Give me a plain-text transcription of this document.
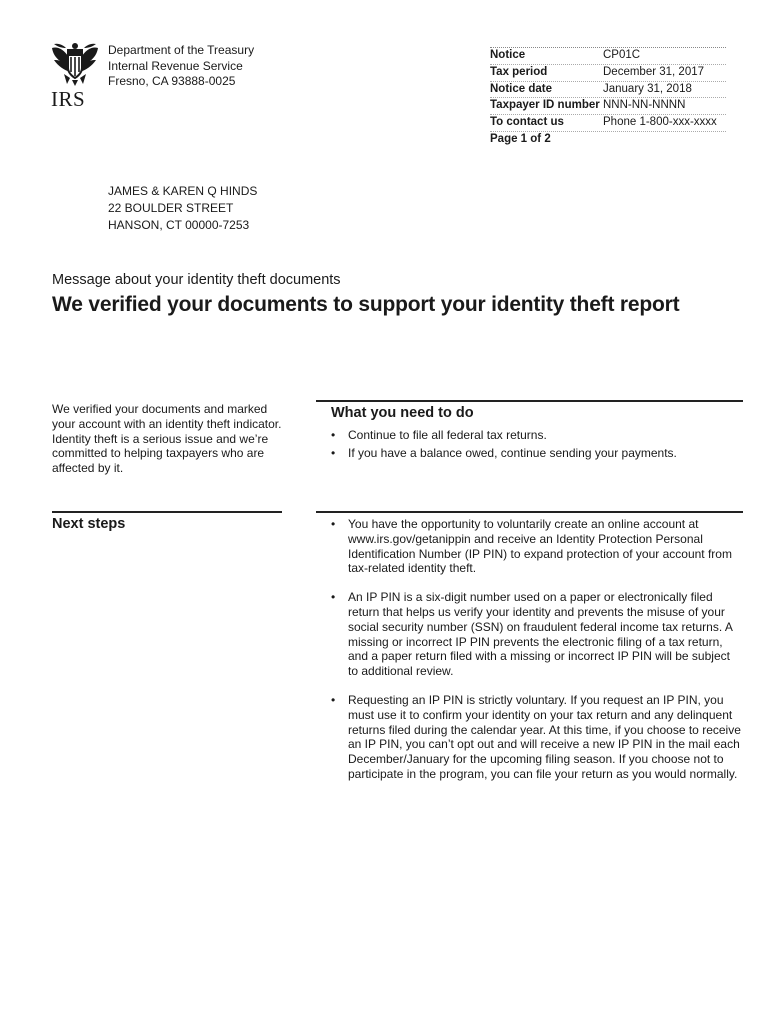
IRS
Department of the Treasury
Internal Revenue Service
Fresno, CA 93888-0025
Notice	CP01C
Tax period	December 31, 2017
Notice date	January 31, 2018
Taxpayer ID number NNN-NN-NNNN
To contact us	Phone 1-800-xxx-xxxx
Page 1 of 2
JAMES & KAREN Q HINDS
22 BOULDER STREET
HANSON, CT 00000-7253
Message about your identity theft documents
We verified your documents to support your identity theft report
We verified your documents and marked your account with an identity theft indicator. Identity theft is a serious issue and we’re committed to helping taxpayers who are affected by it.
What you need to do
• Continue to file all federal tax returns.
• If you have a balance owed, continue sending your payments.
Next steps	• You have the opportunity to voluntarily create an online account at www.irs.gov/getanippin and receive an Identity Protection Personal Identification Number (IP PIN) to expand protection of your account from tax-related identity theft.
• An IP PIN is a six-digit number used on a paper or electronically filed return that helps us verify your identity and prevents the misuse of your social security number (SSN) on fraudulent federal income tax returns. A missing or incorrect IP PIN prevents the electronic filing of a tax return, and a paper return filed with a missing or incorrect IP PIN will be subject to additional review.
• Requesting an IP PIN is strictly voluntary. If you request an IP PIN, you must use it to confirm your identity on your tax return and any delinquent returns filed during the calendar year. At this time, if you choose to receive an IP PIN, you can’t opt out and will receive a new IP PIN in the mail each December/January for the upcoming filing season. If you choose not to participate in the program, you can file your return as you would normally.
